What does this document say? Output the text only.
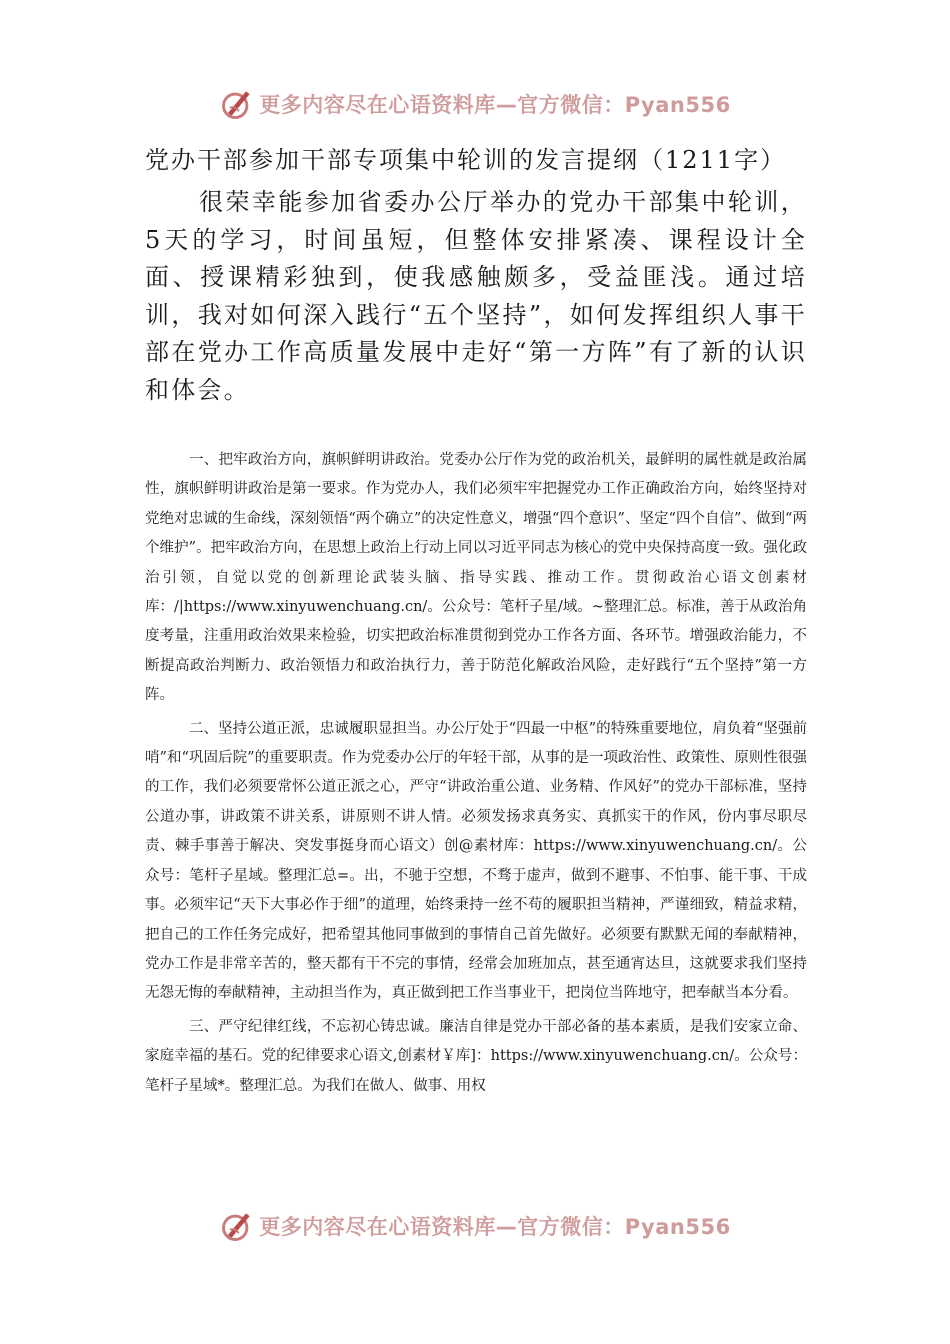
更多内容尽在心语资料库—官方微信：Pyan556
党办干部参加干部专项集中轮训的发言提纲（1211字）

很荣幸能参加省委办公厅举办的党办干部集中轮训，5天的学习，时间虽短，但整体安排紧凑、课程设计全面、授课精彩独到，使我感触颇多，受益匪浅。通过培训，我对如何深入践行“五个坚持”，如何发挥组织人事干部在党办工作高质量发展中走好“第一方阵”有了新的认识和体会。

一、把牢政治方向，旗帜鲜明讲政治。党委办公厅作为党的政治机关，最鲜明的属性就是政治属性，旗帜鲜明讲政治是第一要求。作为党办人，我们必须牢牢把握党办工作正确政治方向，始终坚持对党绝对忠诚的生命线，深刻领悟“两个确立”的决定性意义，增强“四个意识”、坚定“四个自信”、做到“两个维护”。把牢政治方向，在思想上政治上行动上同以习近平同志为核心的党中央保持高度一致。强化政治引领，自觉以党的创新理论武装头脑、指导实践、推动工作。贯彻政治心语文创素材库：/|https://www.xinyuwenchuang.cn/。公众号：笔杆子星/域。~整理汇总。标准，善于从政治角度考量，注重用政治效果来检验，切实把政治标准贯彻到党办工作各方面、各环节。增强政治能力，不断提高政治判断力、政治领悟力和政治执行力，善于防范化解政治风险，走好践行“五个坚持”第一方阵。

二、坚持公道正派，忠诚履职显担当。办公厅处于“四最一中枢”的特殊重要地位，肩负着“坚强前哨”和“巩固后院”的重要职责。作为党委办公厅的年轻干部，从事的是一项政治性、政策性、原则性很强的工作，我们必须要常怀公道正派之心，严守“讲政治重公道、业务精、作风好”的党办干部标准，坚持公道办事，讲政策不讲关系，讲原则不讲人情。必须发扬求真务实、真抓实干的作风，份内事尽职尽责、棘手事善于解决、突发事挺身而心语文）创@素材库：https://www.xinyuwenchuang.cn/。公众号：笔杆子星域。整理汇总=。出，不驰于空想，不骛于虚声，做到不避事、不怕事、能干事、干成事。必须牢记“天下大事必作于细”的道理，始终秉持一丝不苟的履职担当精神，严谨细致，精益求精，把自己的工作任务完成好，把希望其他同事做到的事情自己首先做好。必须要有默默无闻的奉献精神，党办工作是非常辛苦的，整天都有干不完的事情，经常会加班加点，甚至通宵达旦，这就要求我们坚持无怨无悔的奉献精神，主动担当作为，真正做到把工作当事业干，把岗位当阵地守，把奉献当本分看。

三、严守纪律红线，不忘初心铸忠诚。廉洁自律是党办干部必备的基本素质，是我们安家立命、家庭幸福的基石。党的纪律要求心语文,创素材￥库]：https://www.xinyuwenchuang.cn/。公众号：笔杆子星域*。整理汇总。为我们在做人、做事、用权

更多内容尽在心语资料库—官方微信：Pyan556
